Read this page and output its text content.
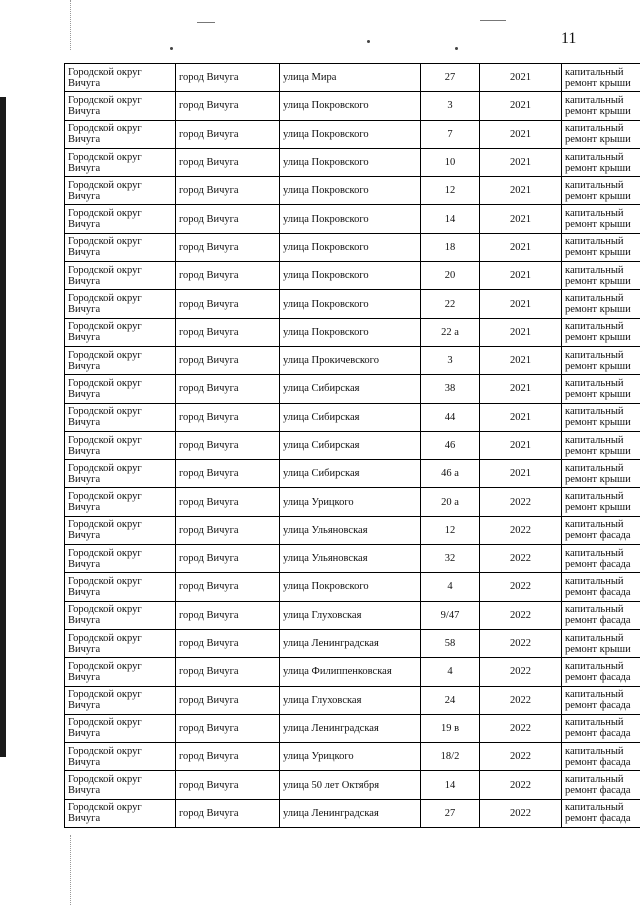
11
Городской округ Вичуга	город Вичуга	улица Мира	27	2021	капитальный ремонт крыши
Городской округ Вичуга	город Вичуга	улица Покровского	3	2021	капитальный ремонт крыши
Городской округ Вичуга	город Вичуга	улица Покровского	7	2021	капитальный ремонт крыши
Городской округ Вичуга	город Вичуга	улица Покровского	10	2021	капитальный ремонт крыши
Городской округ Вичуга	город Вичуга	улица Покровского	12	2021	капитальный ремонт крыши
Городской округ Вичуга	город Вичуга	улица Покровского	14	2021	капитальный ремонт крыши
Городской округ Вичуга	город Вичуга	улица Покровского	18	2021	капитальный ремонт крыши
Городской округ Вичуга	город Вичуга	улица Покровского	20	2021	капитальный ремонт крыши
Городской округ Вичуга	город Вичуга	улица Покровского	22	2021	капитальный ремонт крыши
Городской округ Вичуга	город Вичуга	улица Покровского	22 а	2021	капитальный ремонт крыши
Городской округ Вичуга	город Вичуга	улица Прокичевского	3	2021	капитальный ремонт крыши
Городской округ Вичуга	город Вичуга	улица Сибирская	38	2021	капитальный ремонт крыши
Городской округ Вичуга	город Вичуга	улица Сибирская	44	2021	капитальный ремонт крыши
Городской округ Вичуга	город Вичуга	улица Сибирская	46	2021	капитальный ремонт крыши
Городской округ Вичуга	город Вичуга	улица Сибирская	46 а	2021	капитальный ремонт крыши
Городской округ Вичуга	город Вичуга	улица Урицкого	20 а	2022	капитальный ремонт крыши
Городской округ Вичуга	город Вичуга	улица Ульяновская	12	2022	капитальный ремонт фасада
Городской округ Вичуга	город Вичуга	улица Ульяновская	32	2022	капитальный ремонт фасада
Городской округ Вичуга	город Вичуга	улица Покровского	4	2022	капитальный ремонт фасада
Городской округ Вичуга	город Вичуга	улица Глуховская	9/47	2022	капитальный ремонт фасада
Городской округ Вичуга	город Вичуга	улица Ленинградская	58	2022	капитальный ремонт крыши
Городской округ Вичуга	город Вичуга	улица Филиппенковская	4	2022	капитальный ремонт фасада
Городской округ Вичуга	город Вичуга	улица Глуховская	24	2022	капитальный ремонт фасада
Городской округ Вичуга	город Вичуга	улица Ленинградская	19 в	2022	капитальный ремонт фасада
Городской округ Вичуга	город Вичуга	улица Урицкого	18/2	2022	капитальный ремонт фасада
Городской округ Вичуга	город Вичуга	улица 50 лет Октября	14	2022	капитальный ремонт фасада
Городской округ Вичуга	город Вичуга	улица Ленинградская	27	2022	капитальный ремонт фасада
